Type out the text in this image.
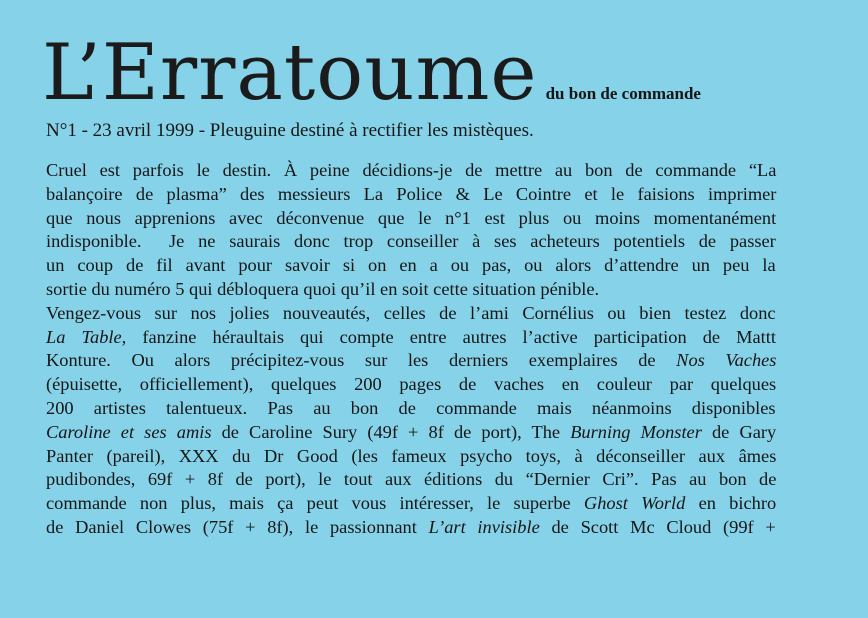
L’Erratoume du bon de commande
N°1 - 23 avril 1999 - Pleuguine destiné à rectifier les mistèques.
Cruel est parfois le destin. À peine décidions-je de mettre au bon de commande “La
balançoire de plasma” des messieurs La Police & Le Cointre et le faisions imprimer
que nous apprenions avec déconvenue que le n°1 est plus ou moins momentanément
indisponible.  Je ne saurais donc trop conseiller à ses acheteurs potentiels de passer
un coup de fil avant pour savoir si on en a ou pas, ou alors d’attendre un peu la
sortie du numéro 5 qui débloquera quoi qu’il en soit cette situation pénible.
Vengez-vous sur nos jolies nouveautés, celles de l’ami Cornélius ou bien testez donc
La Table, fanzine héraultais qui compte entre autres l’active participation de Mattt
Konture. Ou alors précipitez-vous sur les derniers exemplaires de Nos Vaches
(épuisette, officiellement), quelques 200 pages de vaches en couleur par quelques
200 artistes talentueux. Pas au bon de commande mais néanmoins disponibles
Caroline et ses amis de Caroline Sury (49f + 8f de port), The Burning Monster de Gary
Panter (pareil), XXX du Dr Good (les fameux psycho toys, à déconseiller aux âmes
pudibondes, 69f + 8f de port), le tout aux éditions du “Dernier Cri”. Pas au bon de
commande non plus, mais ça peut vous intéresser, le superbe Ghost World en bichro
de Daniel Clowes (75f + 8f), le passionnant L’art invisible de Scott Mc Cloud (99f +
